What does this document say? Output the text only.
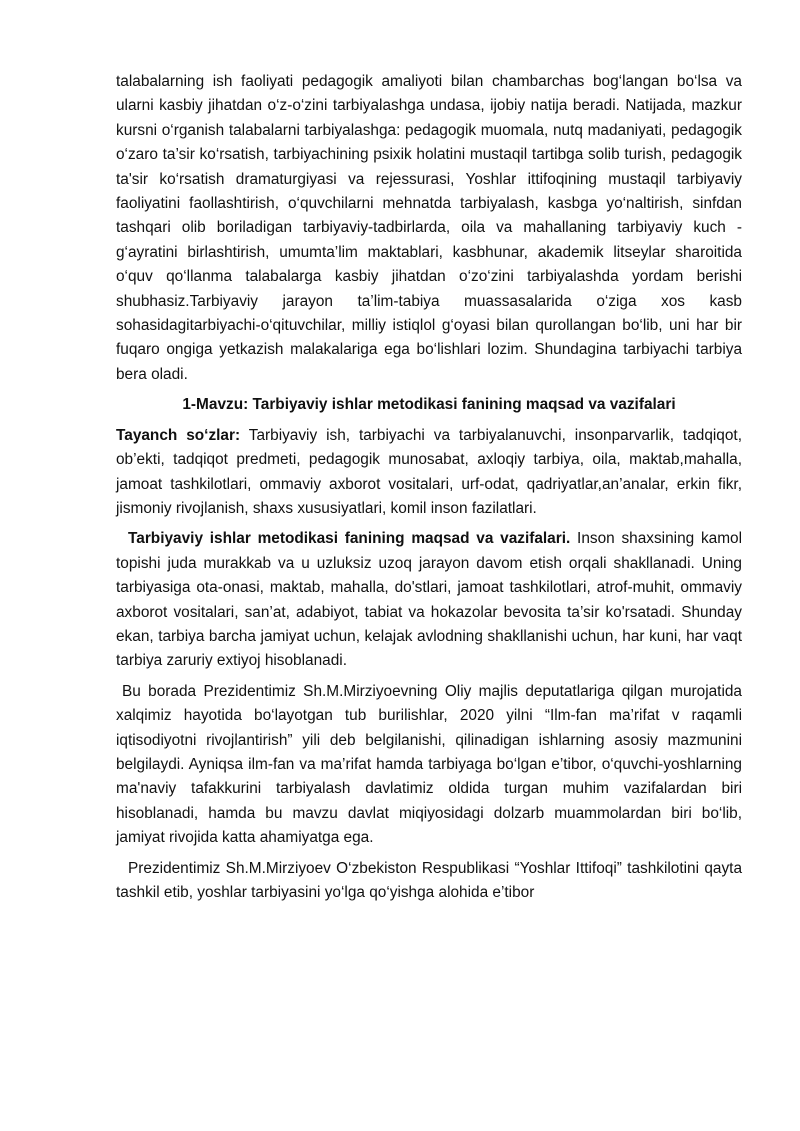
talabalarning ish faoliyati pedagogik amaliyoti bilan chambarchas bog‘langan bo‘lsa va ularni kasbiy jihatdan o‘z-o‘zini tarbiyalashga undasa, ijobiy natija beradi. Natijada, mazkur kursni o‘rganish talabalarni tarbiyalashga: pedagogik muomala, nutq madaniyati, pedagogik o‘zaro ta’sir ko‘rsatish, tarbiyachining psixik holatini mustaqil tartibga solib turish, pedagogik ta'sir ko‘rsatish dramaturgiyasi va rejessurasi, Yoshlar ittifoqining mustaqil tarbiyaviy faoliyatini faollashtirish, o‘quvchilarni mehnatda tarbiyalash, kasbga yo‘naltirish, sinfdan tashqari olib boriladigan tarbiyaviy-tadbirlarda, oila va mahallaning tarbiyaviy kuch - g‘ayratini birlashtirish, umumta’lim maktablari, kasbhunar, akademik litseylar sharoitida o‘quv qo‘llanma talabalarga kasbiy jihatdan o‘zo‘zini tarbiyalashda yordam berishi shubhasiz.Tarbiyaviy jarayon ta’lim-tabiya muassasalarida o‘ziga xos kasb sohasidagitarbiyachi-o‘qituvchilar, milliy istiqlol g‘oyasi bilan qurollangan bo‘lib, uni har bir fuqaro ongiga yetkazish malakalariga ega bo‘lishlari lozim. Shundagina tarbiyachi tarbiya bera oladi.

1-Mavzu: Tarbiyaviy ishlar metodikasi fanining maqsad va vazifalari

Tayanch so‘zlar: Tarbiyaviy ish, tarbiyachi va tarbiyalanuvchi, insonparvarlik, tadqiqot, ob’ekti, tadqiqot predmeti, pedagogik munosabat, axloqiy tarbiya, oila, maktab,mahalla, jamoat tashkilotlari, ommaviy axborot vositalari, urf-odat, qadriyatlar,an’analar, erkin fikr, jismoniy rivojlanish, shaxs xususiyatlari, komil inson fazilatlari.

Tarbiyaviy ishlar metodikasi fanining maqsad va vazifalari. Inson shaxsining kamol topishi juda murakkab va u uzluksiz uzoq jarayon davom etish orqali shakllanadi. Uning tarbiyasiga ota-onasi, maktab, mahalla, do'stlari, jamoat tashkilotlari, atrof-muhit, ommaviy axborot vositalari, san’at, adabiyot, tabiat va hokazolar bevosita ta’sir ko'rsatadi. Shunday ekan, tarbiya barcha jamiyat uchun, kelajak avlodning shakllanishi uchun, har kuni, har vaqt tarbiya zaruriy extiyoj hisoblanadi.

Bu borada Prezidentimiz Sh.M.Mirziyoevning Oliy majlis deputatlariga qilgan murojatida xalqimiz hayotida bo‘layotgan tub burilishlar, 2020 yilni “Ilm-fan ma’rifat v raqamli iqtisodiyotni rivojlantirish” yili deb belgilanishi, qilinadigan ishlarning asosiy mazmunini belgilaydi. Ayniqsa ilm-fan va ma’rifat hamda tarbiyaga bo‘lgan e’tibor, o‘quvchi-yoshlarning ma'naviy tafakkurini tarbiyalash davlatimiz oldida turgan muhim vazifalardan biri hisoblanadi, hamda bu mavzu davlat miqiyosidagi dolzarb muammolardan biri bo‘lib, jamiyat rivojida katta ahamiyatga ega.

Prezidentimiz Sh.M.Mirziyoev O‘zbekiston Respublikasi “Yoshlar Ittifoqi” tashkilotini qayta tashkil etib, yoshlar tarbiyasini yo‘lga qo‘yishga alohida e’tibor
